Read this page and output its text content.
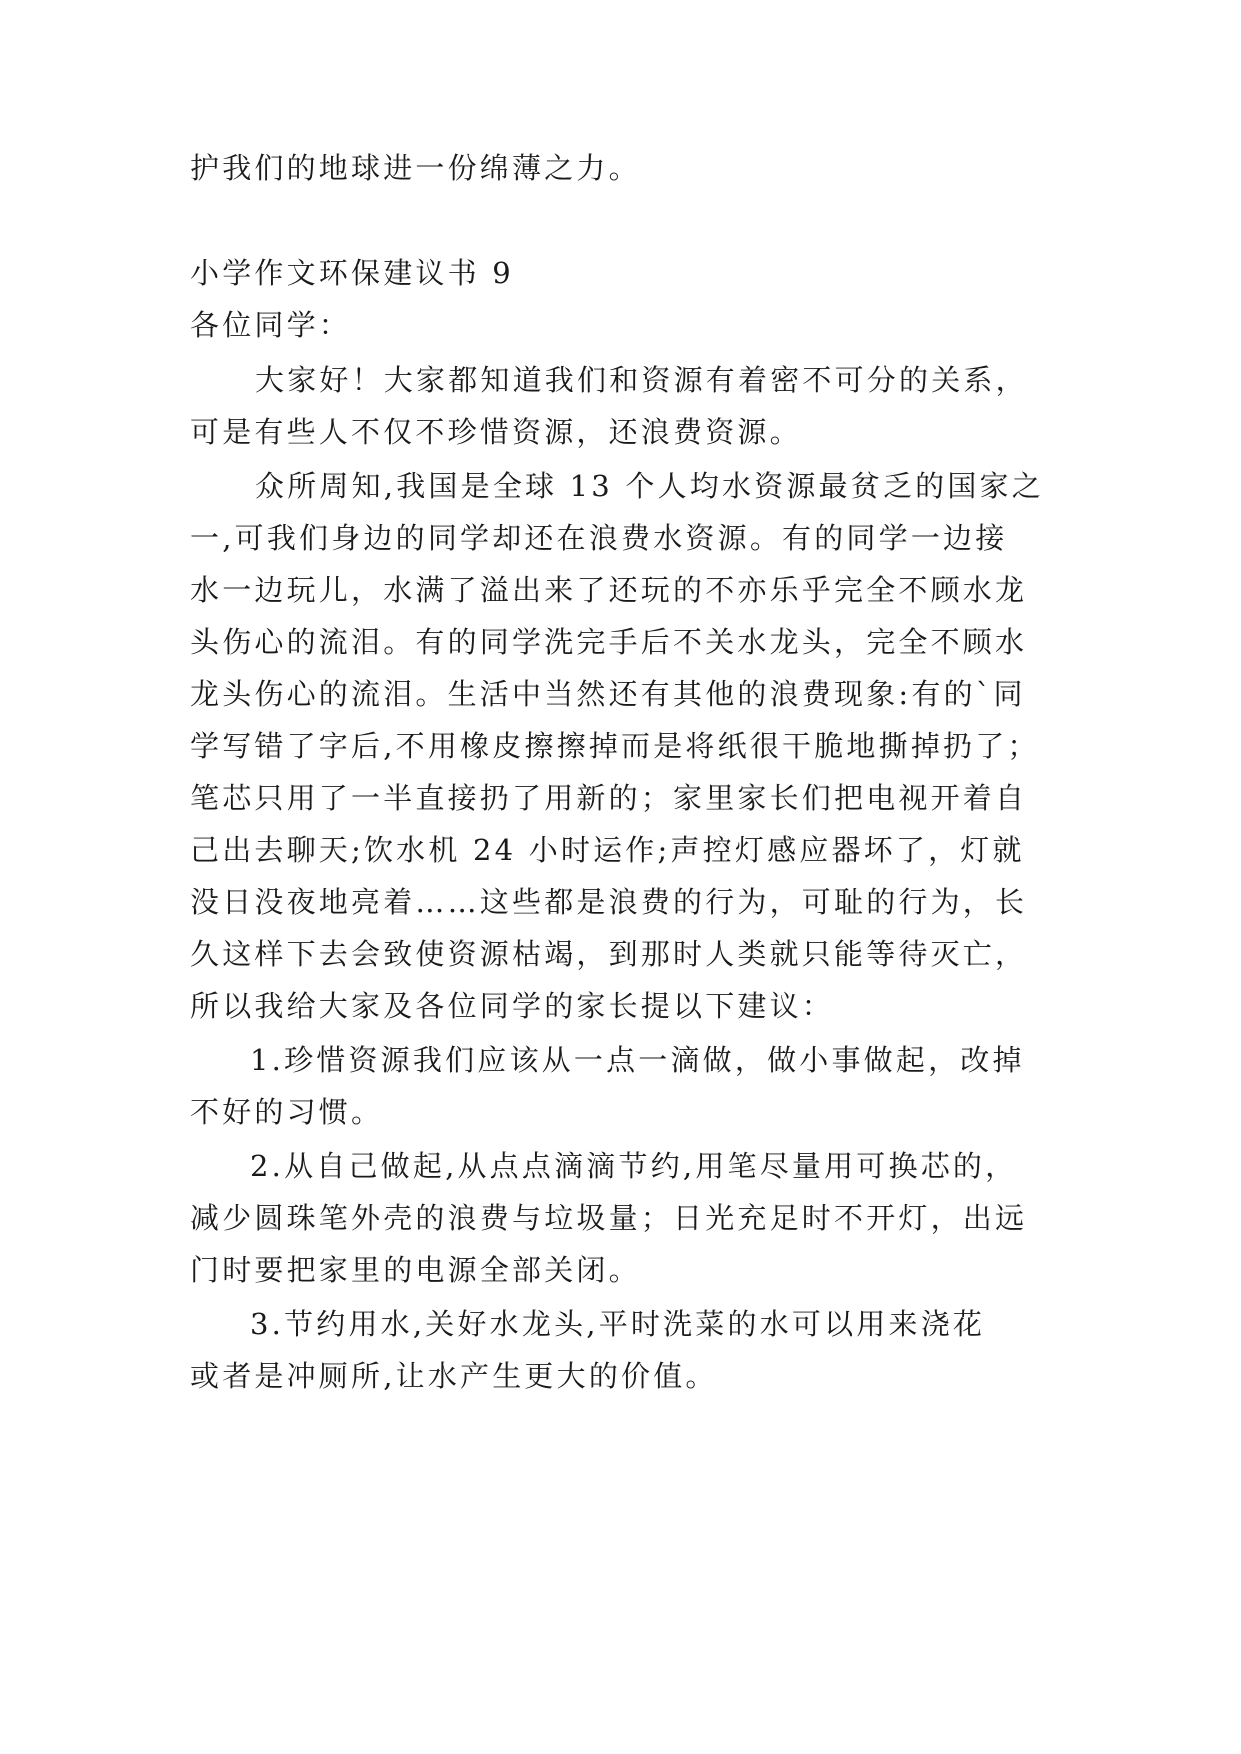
护我们的地球进一份绵薄之力。
小学作文环保建议书 9
各位同学：
大家好！大家都知道我们和资源有着密不可分的关系，
可是有些人不仅不珍惜资源，还浪费资源。
众所周知,我国是全球 13 个人均水资源最贫乏的国家之
一,可我们身边的同学却还在浪费水资源。有的同学一边接
水一边玩儿，水满了溢出来了还玩的不亦乐乎完全不顾水龙
头伤心的流泪。有的同学洗完手后不关水龙头，完全不顾水
龙头伤心的流泪。生活中当然还有其他的浪费现象:有的`同
学写错了字后,不用橡皮擦擦掉而是将纸很干脆地撕掉扔了；
笔芯只用了一半直接扔了用新的；家里家长们把电视开着自
己出去聊天;饮水机 24 小时运作;声控灯感应器坏了，灯就
没日没夜地亮着……这些都是浪费的行为，可耻的行为，长
久这样下去会致使资源枯竭，到那时人类就只能等待灭亡，
所以我给大家及各位同学的家长提以下建议：
1.珍惜资源我们应该从一点一滴做，做小事做起，改掉
不好的习惯。
2.从自己做起,从点点滴滴节约,用笔尽量用可换芯的，
减少圆珠笔外壳的浪费与垃圾量；日光充足时不开灯，出远
门时要把家里的电源全部关闭。
3.节约用水,关好水龙头,平时洗菜的水可以用来浇花
或者是冲厕所,让水产生更大的价值。
